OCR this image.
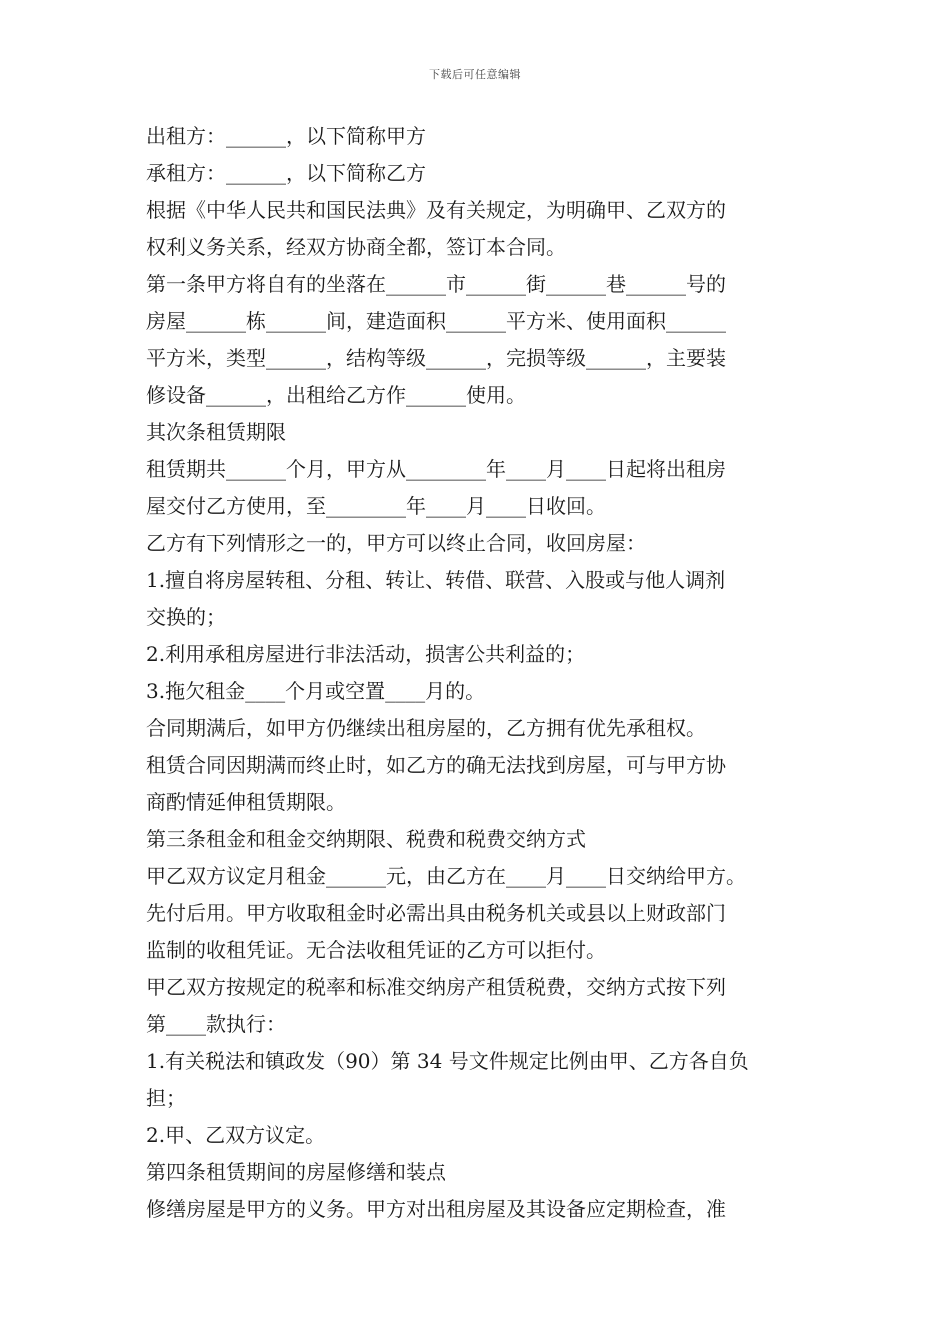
下载后可任意编辑
出租方：______，以下简称甲方
承租方：______，以下简称乙方
根据《中华人民共和国民法典》及有关规定，为明确甲、乙双方的
权利义务关系，经双方协商全都，签订本合同。
第一条甲方将自有的坐落在______市______街______巷______号的
房屋______栋______间，建造面积______平方米、使用面积______
平方米，类型______，结构等级______，完损等级______，主要装
修设备______，出租给乙方作______使用。
其次条租赁期限
租赁期共______个月，甲方从________年____月____日起将出租房
屋交付乙方使用，至________年____月____日收回。
乙方有下列情形之一的，甲方可以终止合同，收回房屋：
1.擅自将房屋转租、分租、转让、转借、联营、入股或与他人调剂
交换的；
2.利用承租房屋进行非法活动，损害公共利益的；
3.拖欠租金____个月或空置____月的。
合同期满后，如甲方仍继续出租房屋的，乙方拥有优先承租权。
租赁合同因期满而终止时，如乙方的确无法找到房屋，可与甲方协
商酌情延伸租赁期限。
第三条租金和租金交纳期限、税费和税费交纳方式
甲乙双方议定月租金______元，由乙方在____月____日交纳给甲方。
先付后用。甲方收取租金时必需出具由税务机关或县以上财政部门
监制的收租凭证。无合法收租凭证的乙方可以拒付。
甲乙双方按规定的税率和标准交纳房产租赁税费，交纳方式按下列
第____款执行：
1.有关税法和镇政发（90）第 34 号文件规定比例由甲、乙方各自负
担；
2.甲、乙双方议定。
第四条租赁期间的房屋修缮和装点
修缮房屋是甲方的义务。甲方对出租房屋及其设备应定期检查，准
